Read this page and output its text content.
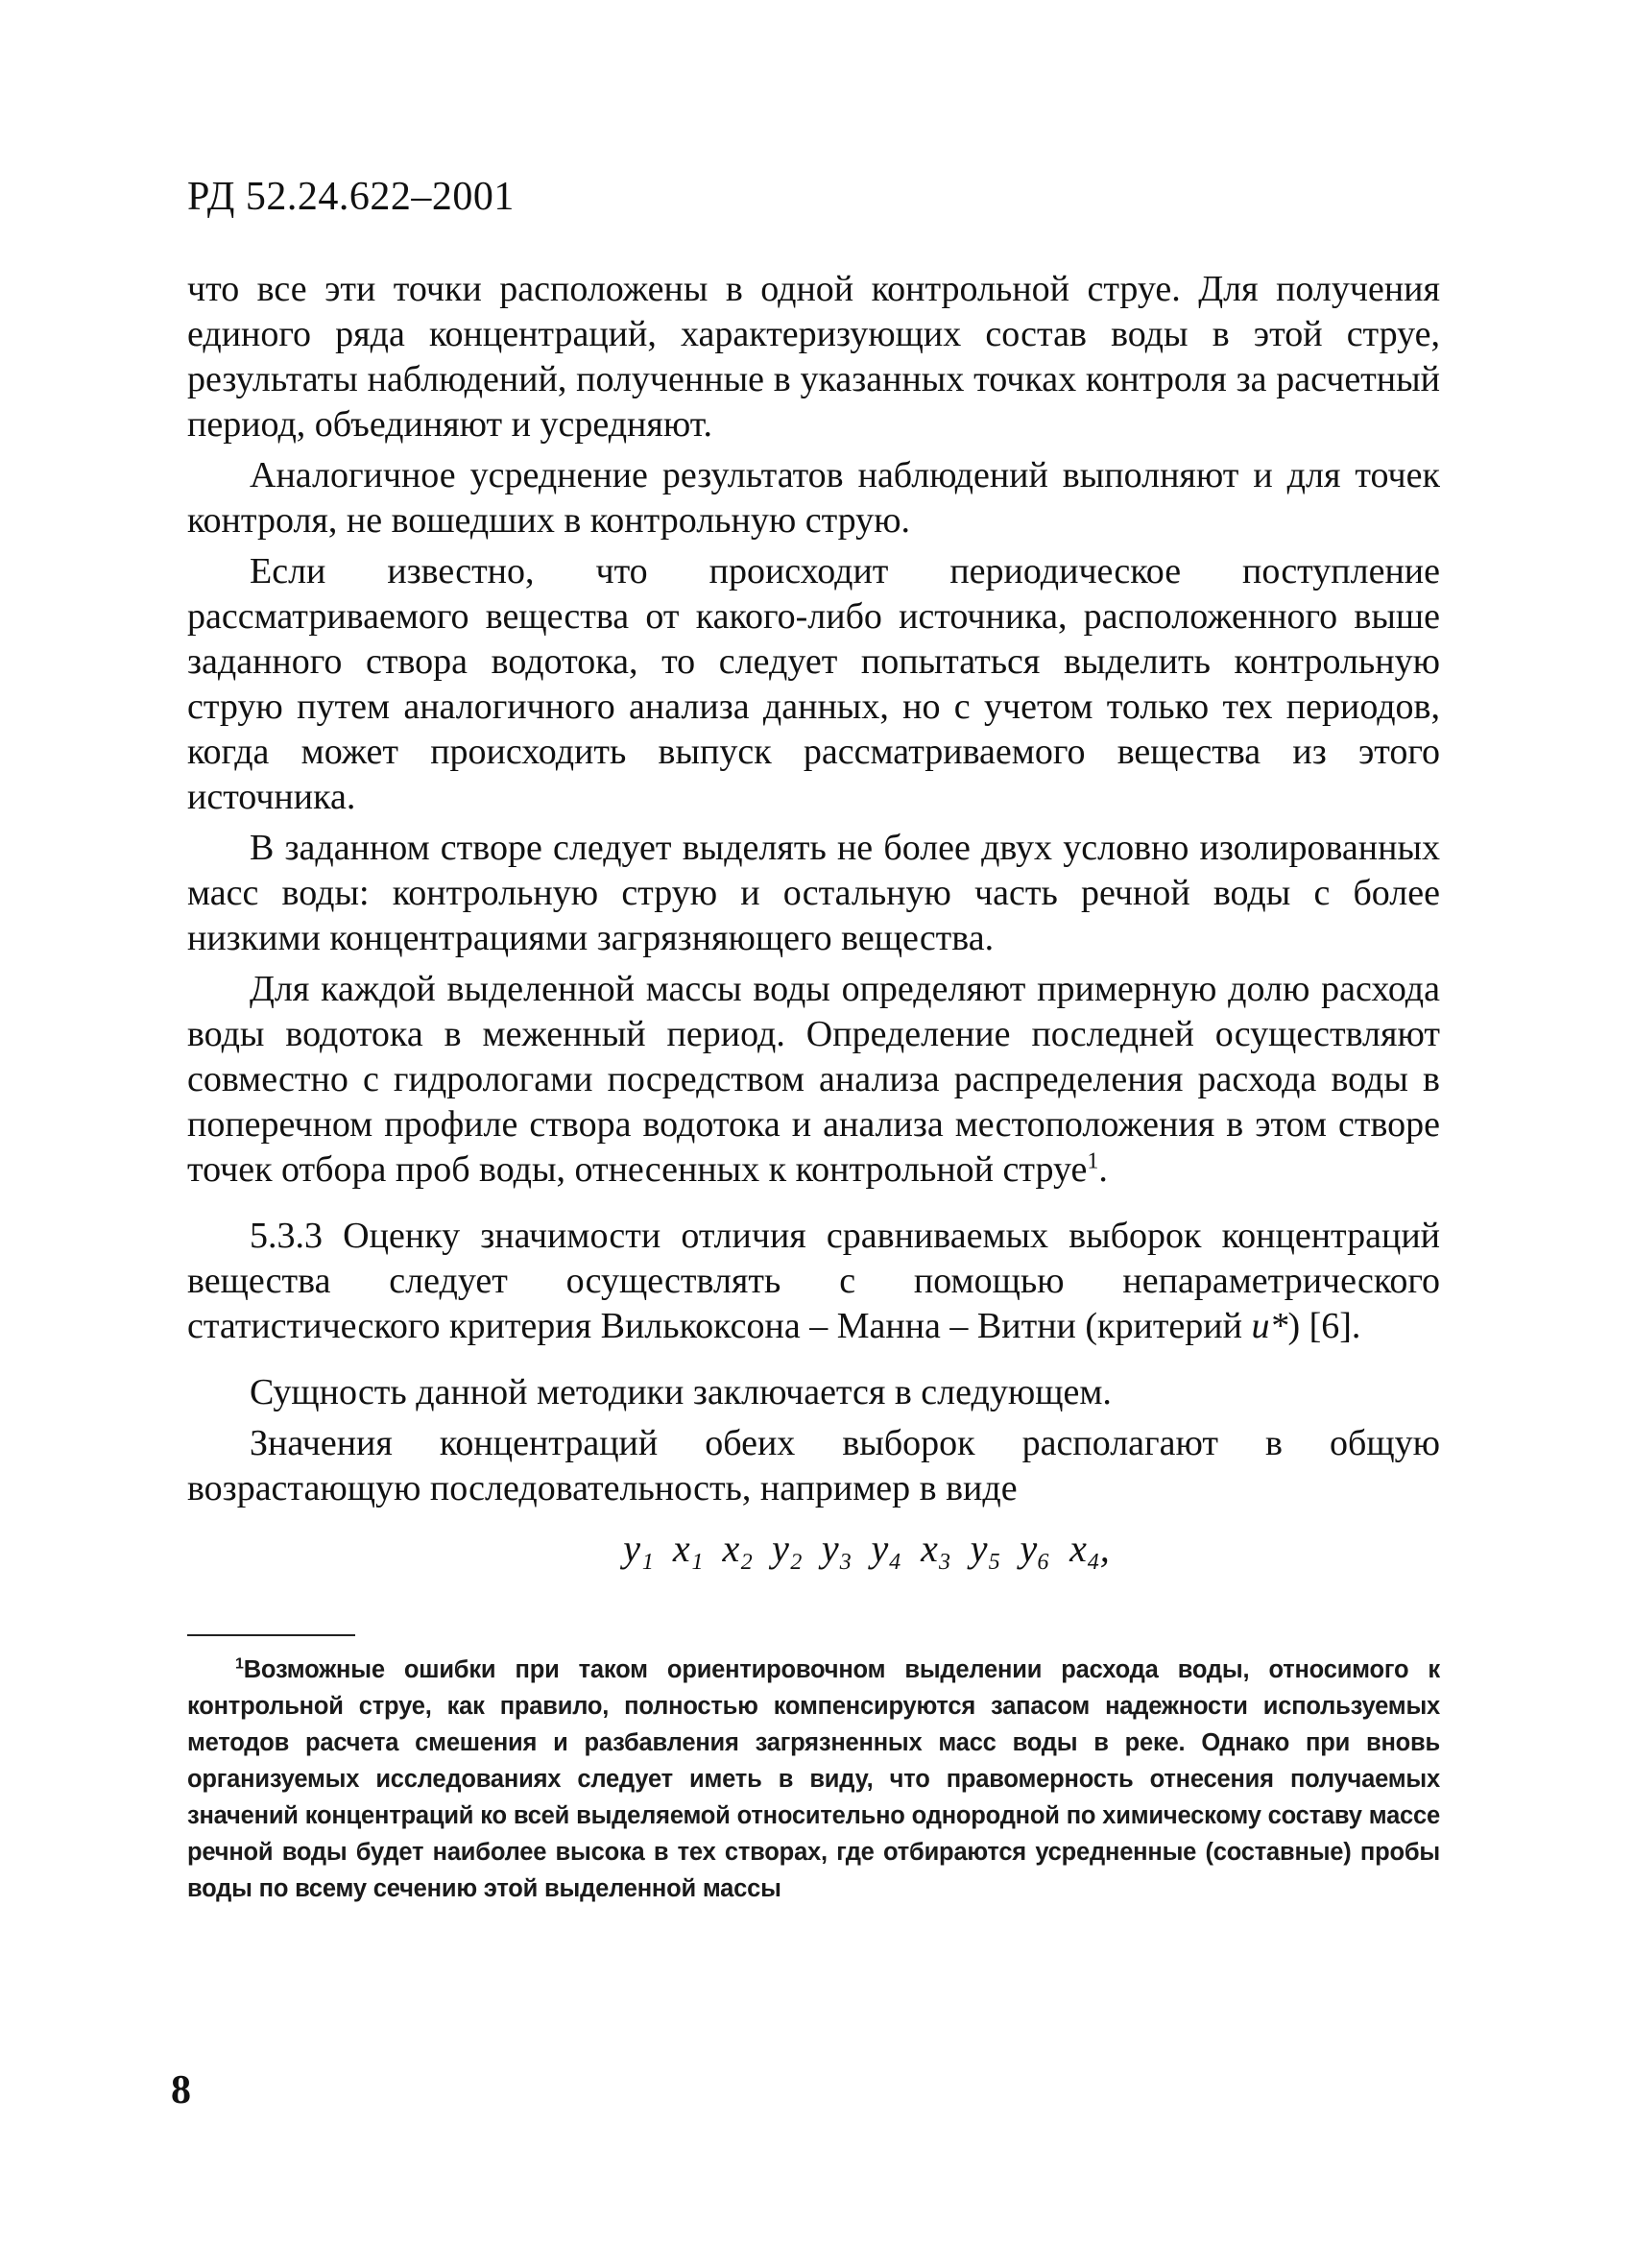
РД 52.24.622–2001

что все эти точки расположены в одной контрольной струе. Для получения единого ряда концентраций, характеризующих состав воды в этой струе, результаты наблюдений, полученные в указанных точках контроля за расчетный период, объединяют и усредняют.

Аналогичное усреднение результатов наблюдений выполняют и для точек контроля, не вошедших в контрольную струю.

Если известно, что происходит периодическое поступление рассматриваемого вещества от какого-либо источника, расположенного выше заданного створа водотока, то следует попытаться выделить контрольную струю путем аналогичного анализа данных, но с учетом только тех периодов, когда может происходить выпуск рассматриваемого вещества из этого источника.

В заданном створе следует выделять не более двух условно изолированных масс воды: контрольную струю и остальную часть речной воды с более низкими концентрациями загрязняющего вещества.

Для каждой выделенной массы воды определяют примерную долю расхода воды водотока в меженный период. Определение последней осуществляют совместно с гидрологами посредством анализа распределения расхода воды в поперечном профиле створа водотока и анализа местоположения в этом створе точек отбора проб воды, отнесенных к контрольной струе$^1$.

5.3.3 Оценку значимости отличия сравниваемых выборок концентраций вещества следует осуществлять с помощью непараметрического статистического критерия Вилькоксона – Манна – Витни (критерий u*) [6].

Сущность данной методики заключается в следующем.

Значения концентраций обеих выборок располагают в общую возрастающую последовательность, например в виде

y₁ x₁ x₂ y₂ y₃ y₄ x₃ y₅ y₆ x₄,

$^1$Возможные ошибки при таком ориентировочном выделении расхода воды, относимого к контрольной струе, как правило, полностью компенсируются запасом надежности используемых методов расчета смешения и разбавления загрязненных масс воды в реке. Однако при вновь организуемых исследованиях следует иметь в виду, что правомерность отнесения получаемых значений концентраций ко всей выделяемой относительно однородной по химическому составу массе речной воды будет наиболее высока в тех створах, где отбираются усредненные (составные) пробы воды по всему сечению этой выделенной массы

8
